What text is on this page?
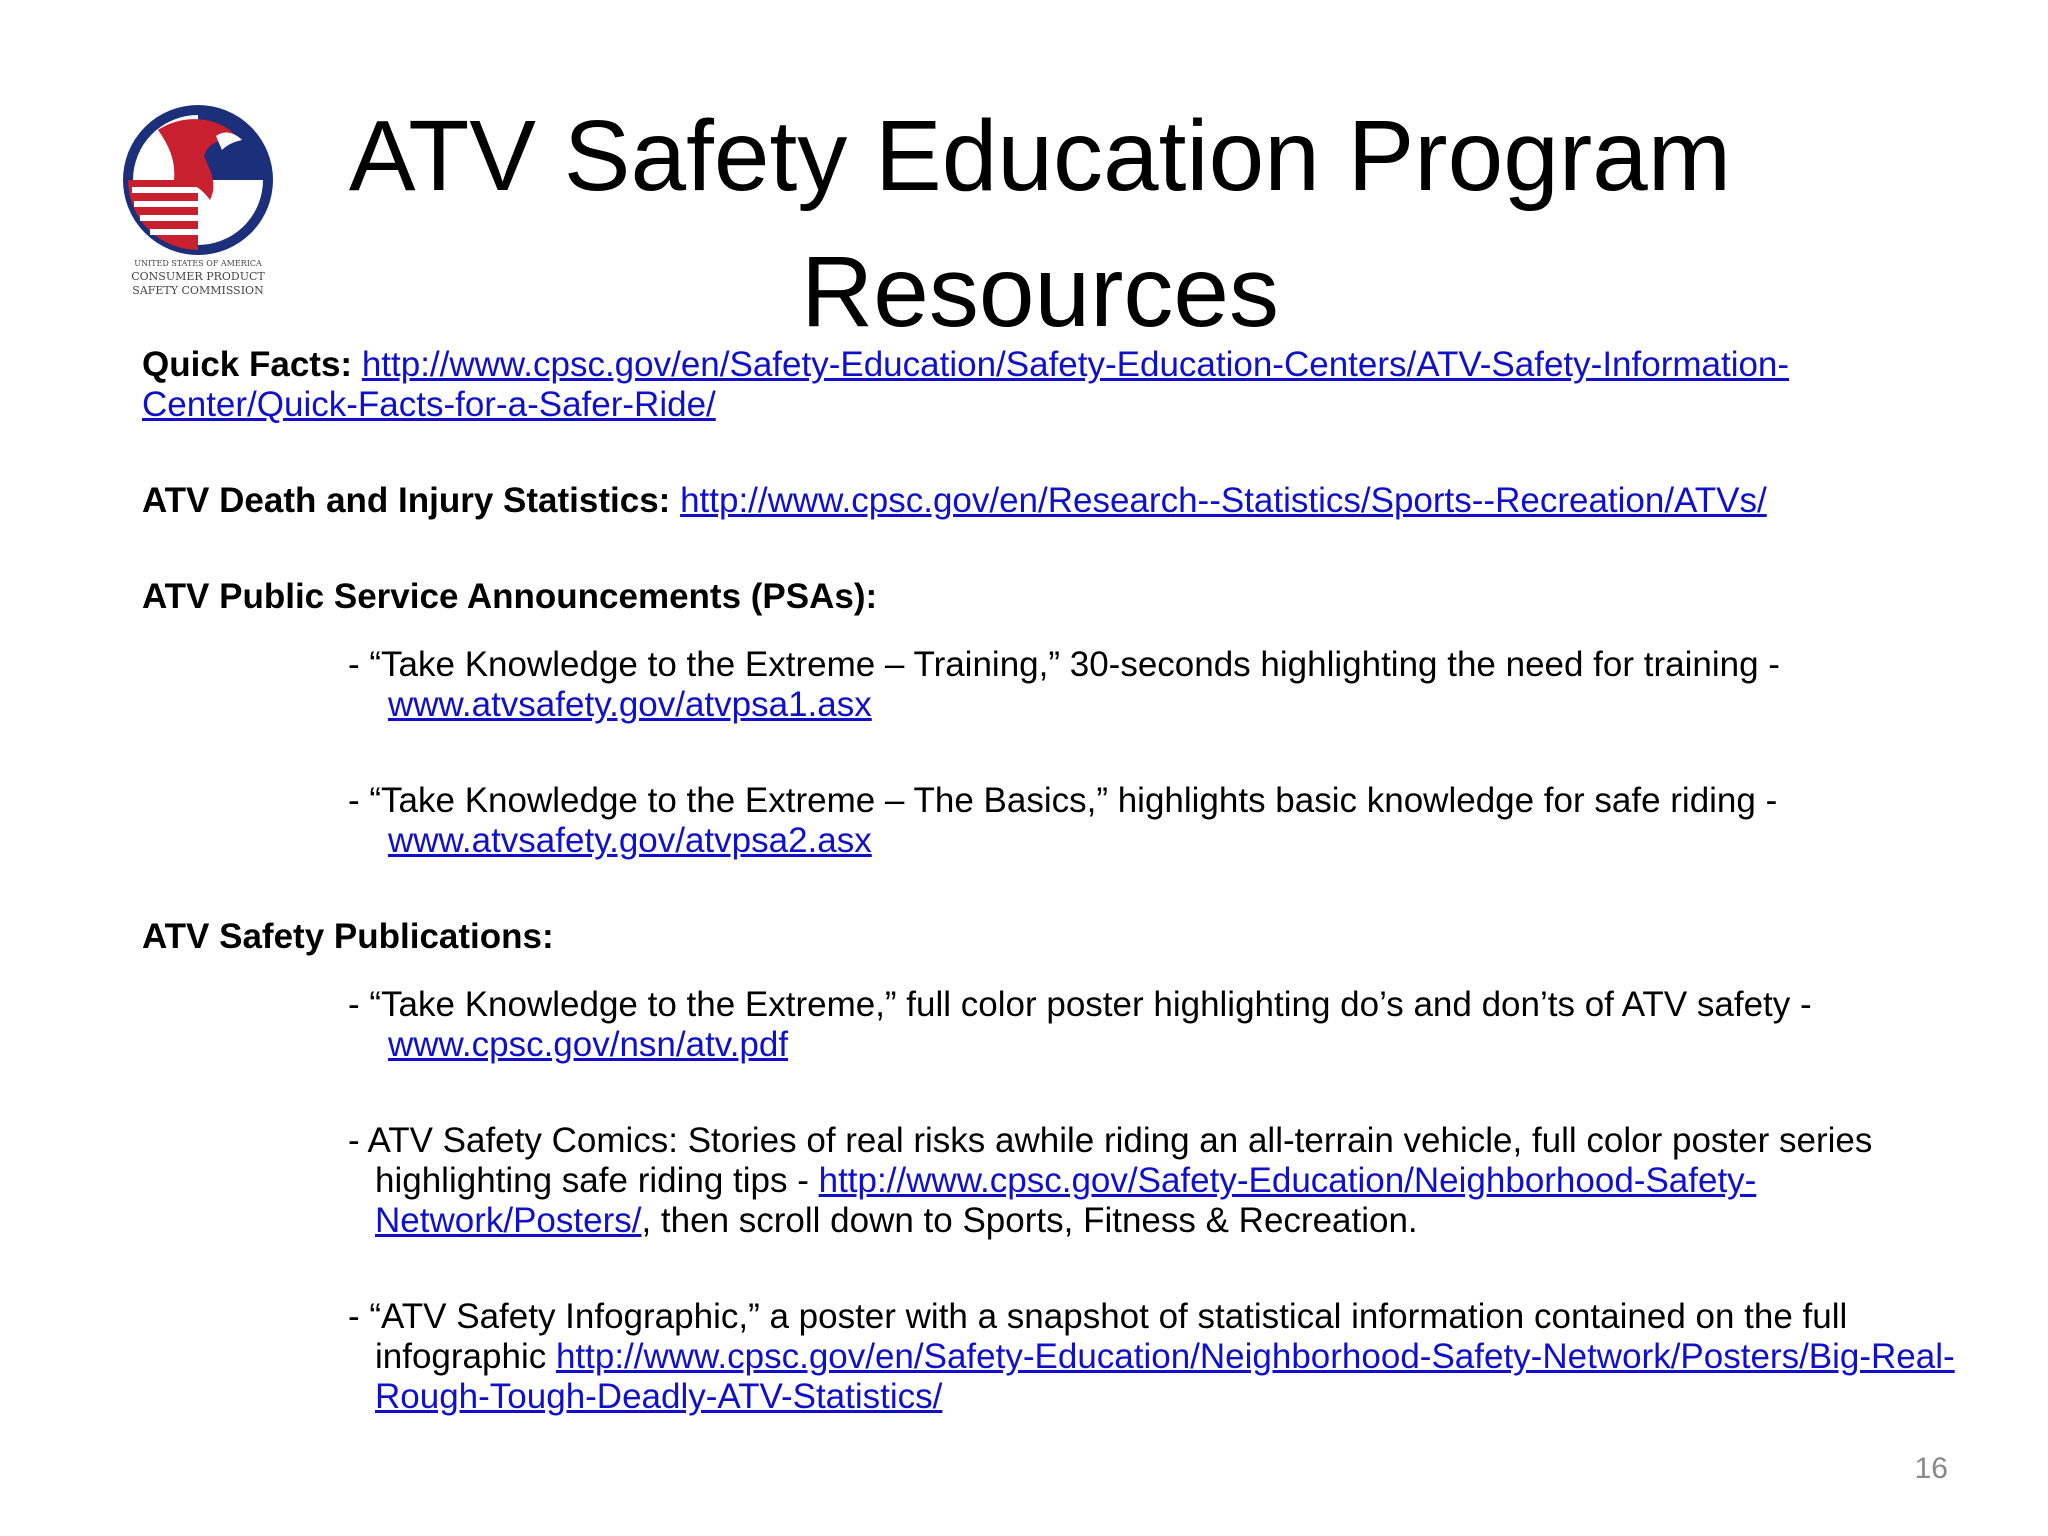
UNITED STATES OF AMERICA
CONSUMER PRODUCT
SAFETY COMMISSION
ATV Safety Education Program
Resources

Quick Facts: http://www.cpsc.gov/en/Safety-Education/Safety-Education-Centers/ATV-Safety-Information-Center/Quick-Facts-for-a-Safer-Ride/

ATV Death and Injury Statistics: http://www.cpsc.gov/en/Research--Statistics/Sports--Recreation/ATVs/

ATV Public Service Announcements (PSAs):

- “Take Knowledge to the Extreme – Training,” 30-seconds highlighting the need for training -
www.atvsafety.gov/atvpsa1.asx

- “Take Knowledge to the Extreme – The Basics,” highlights basic knowledge for safe riding -
www.atvsafety.gov/atvpsa2.asx

ATV Safety Publications:

- “Take Knowledge to the Extreme,” full color poster highlighting do’s and don’ts of ATV safety -
www.cpsc.gov/nsn/atv.pdf

- ATV Safety Comics: Stories of real risks awhile riding an all-terrain vehicle, full color poster series highlighting safe riding tips - http://www.cpsc.gov/Safety-Education/Neighborhood-Safety-Network/Posters/, then scroll down to Sports, Fitness & Recreation.

- “ATV Safety Infographic,” a poster with a snapshot of statistical information contained on the full infographic http://www.cpsc.gov/en/Safety-Education/Neighborhood-Safety-Network/Posters/Big-Real-Rough-Tough-Deadly-ATV-Statistics/

16
